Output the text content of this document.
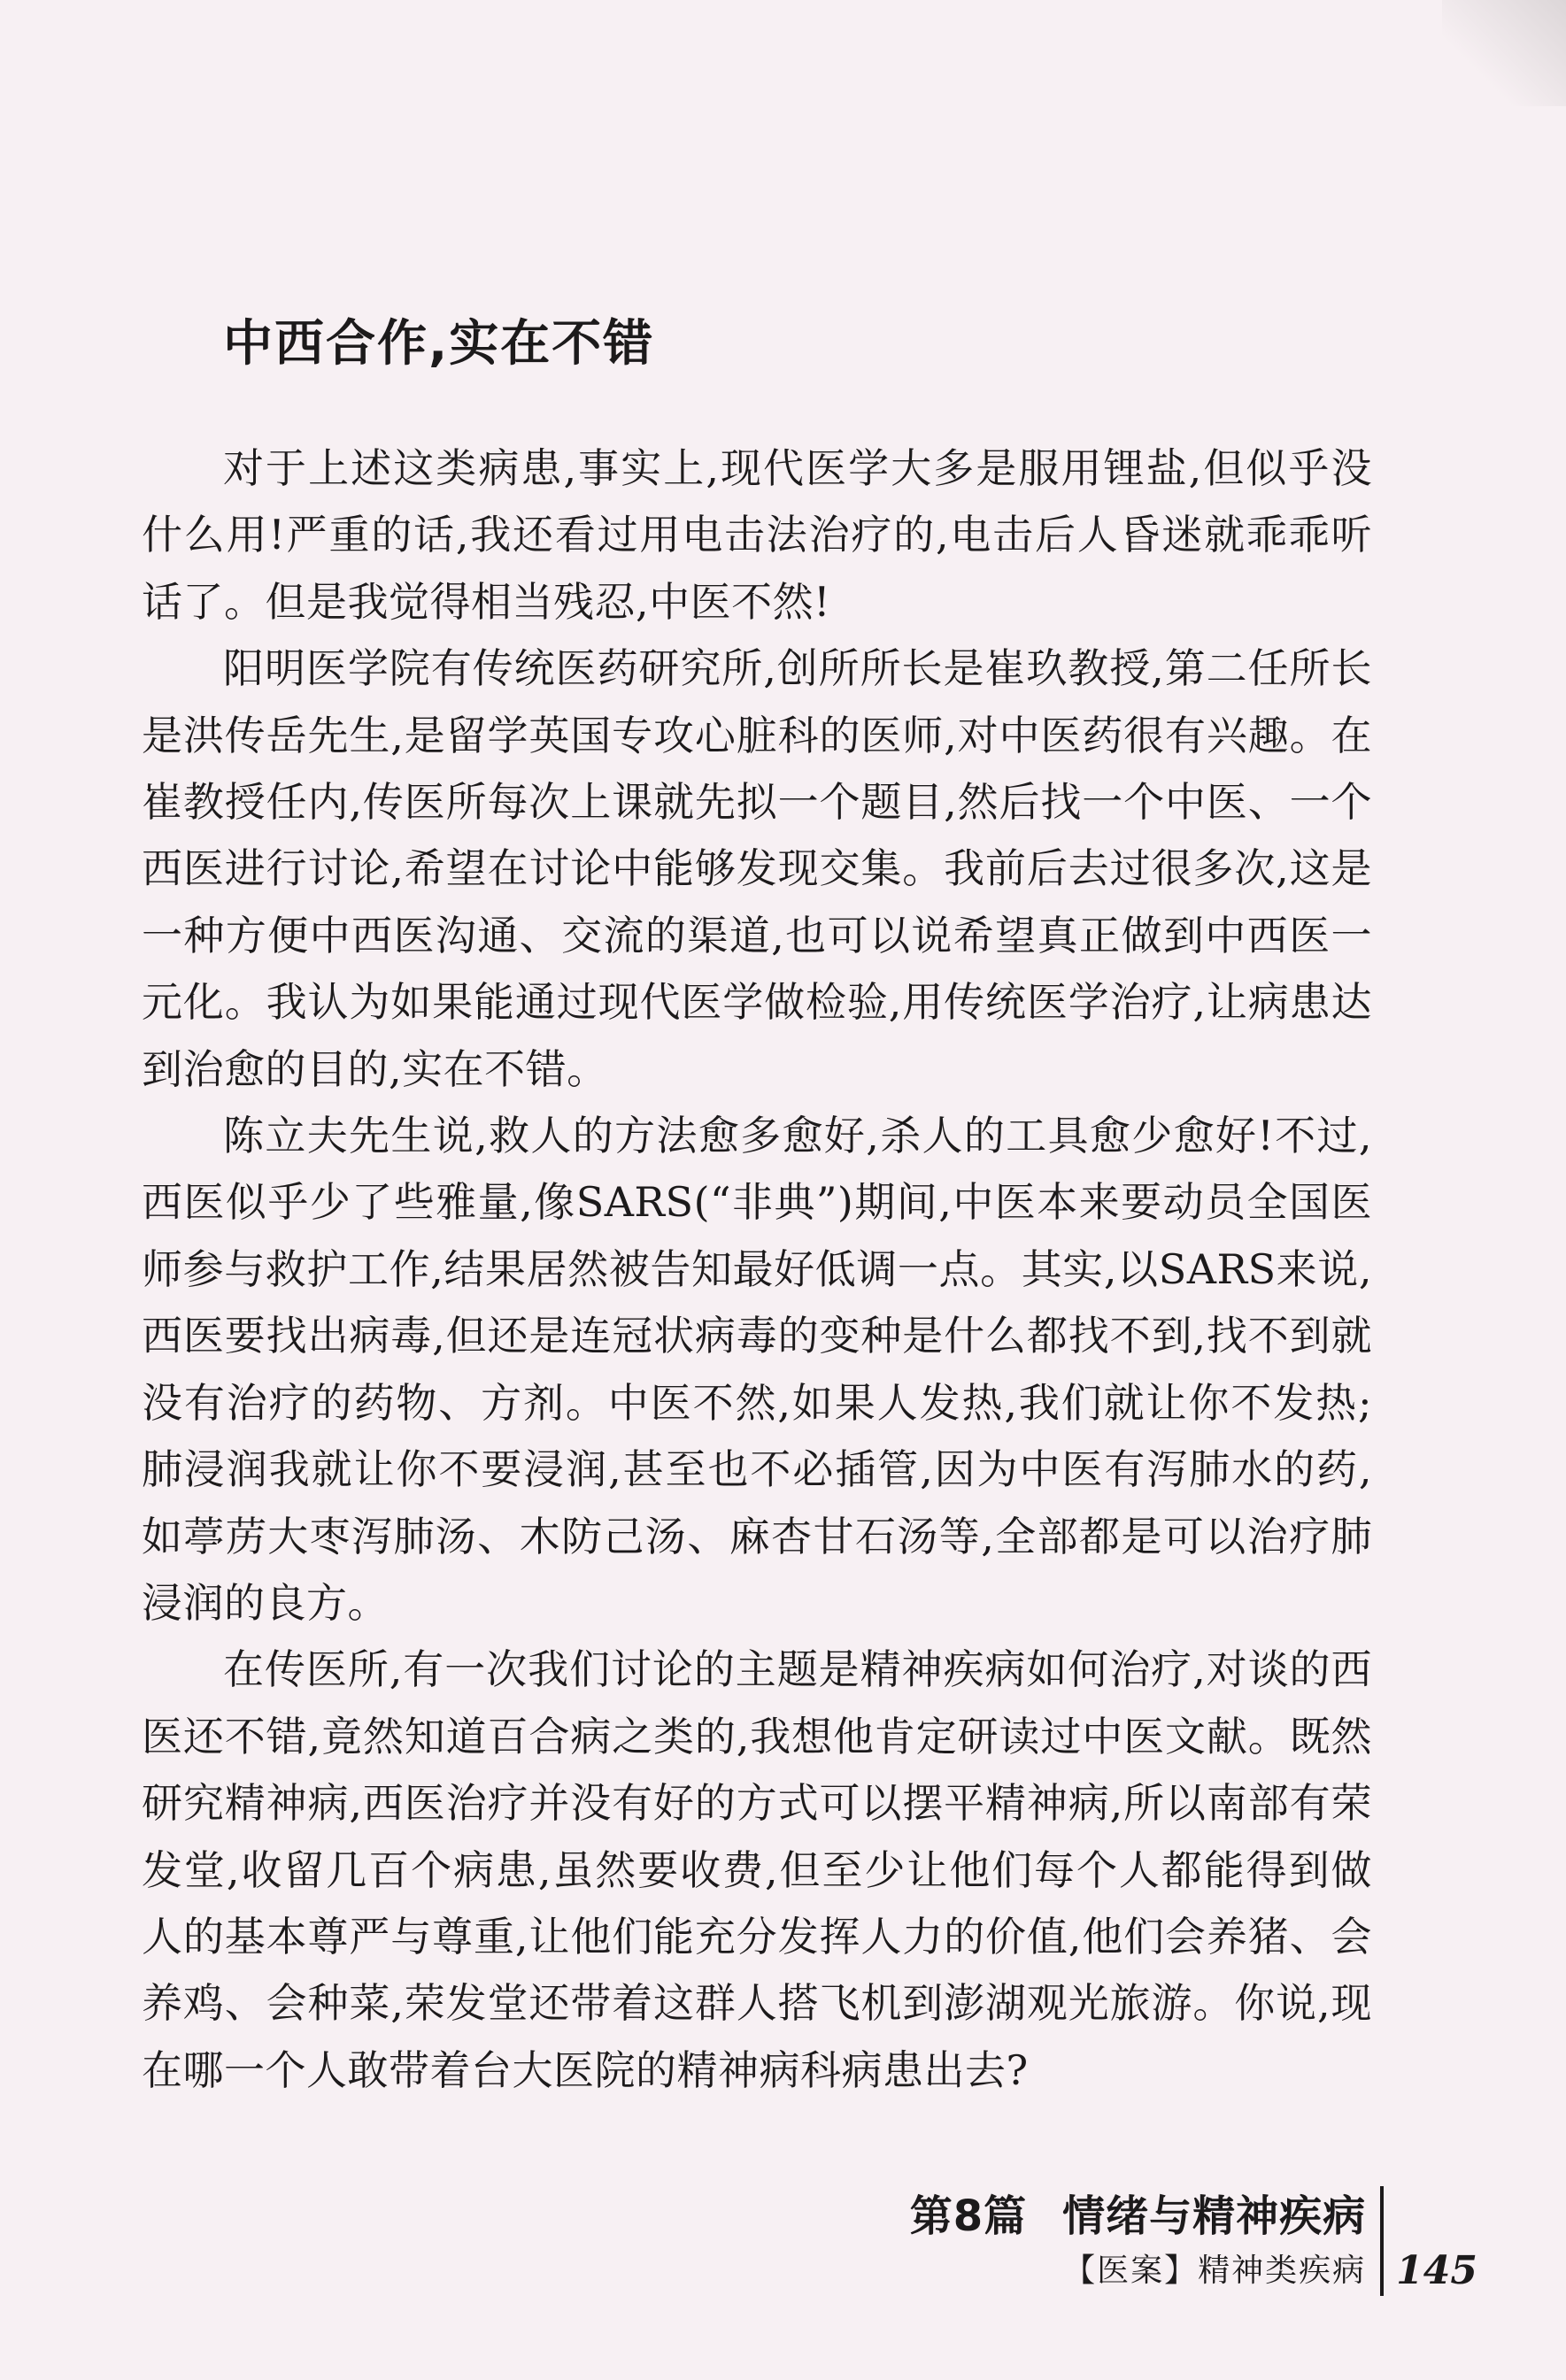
中西合作,实在不错

对于上述这类病患,事实上,现代医学大多是服用锂盐,但似乎没什么用!严重的话,我还看过用电击法治疗的,电击后人昏迷就乖乖听话了。但是我觉得相当残忍,中医不然!

阳明医学院有传统医药研究所,创所所长是崔玖教授,第二任所长是洪传岳先生,是留学英国专攻心脏科的医师,对中医药很有兴趣。在崔教授任内,传医所每次上课就先拟一个题目,然后找一个中医、一个西医进行讨论,希望在讨论中能够发现交集。我前后去过很多次,这是一种方便中西医沟通、交流的渠道,也可以说希望真正做到中西医一元化。我认为如果能通过现代医学做检验,用传统医学治疗,让病患达到治愈的目的,实在不错。

陈立夫先生说,救人的方法愈多愈好,杀人的工具愈少愈好!不过,西医似乎少了些雅量,像SARS(“非典”)期间,中医本来要动员全国医师参与救护工作,结果居然被告知最好低调一点。其实,以SARS来说,西医要找出病毒,但还是连冠状病毒的变种是什么都找不到,找不到就没有治疗的药物、方剂。中医不然,如果人发热,我们就让你不发热;肺浸润我就让你不要浸润,甚至也不必插管,因为中医有泻肺水的药,如葶苈大枣泻肺汤、木防己汤、麻杏甘石汤等,全部都是可以治疗肺浸润的良方。

在传医所,有一次我们讨论的主题是精神疾病如何治疗,对谈的西医还不错,竟然知道百合病之类的,我想他肯定研读过中医文献。既然研究精神病,西医治疗并没有好的方式可以摆平精神病,所以南部有荣发堂,收留几百个病患,虽然要收费,但至少让他们每个人都能得到做人的基本尊严与尊重,让他们能充分发挥人力的价值,他们会养猪、会养鸡、会种菜,荣发堂还带着这群人搭飞机到澎湖观光旅游。你说,现在哪一个人敢带着台大医院的精神病科病患出去?

第8篇 情绪与精神疾病
【医案】精神类疾病 145
